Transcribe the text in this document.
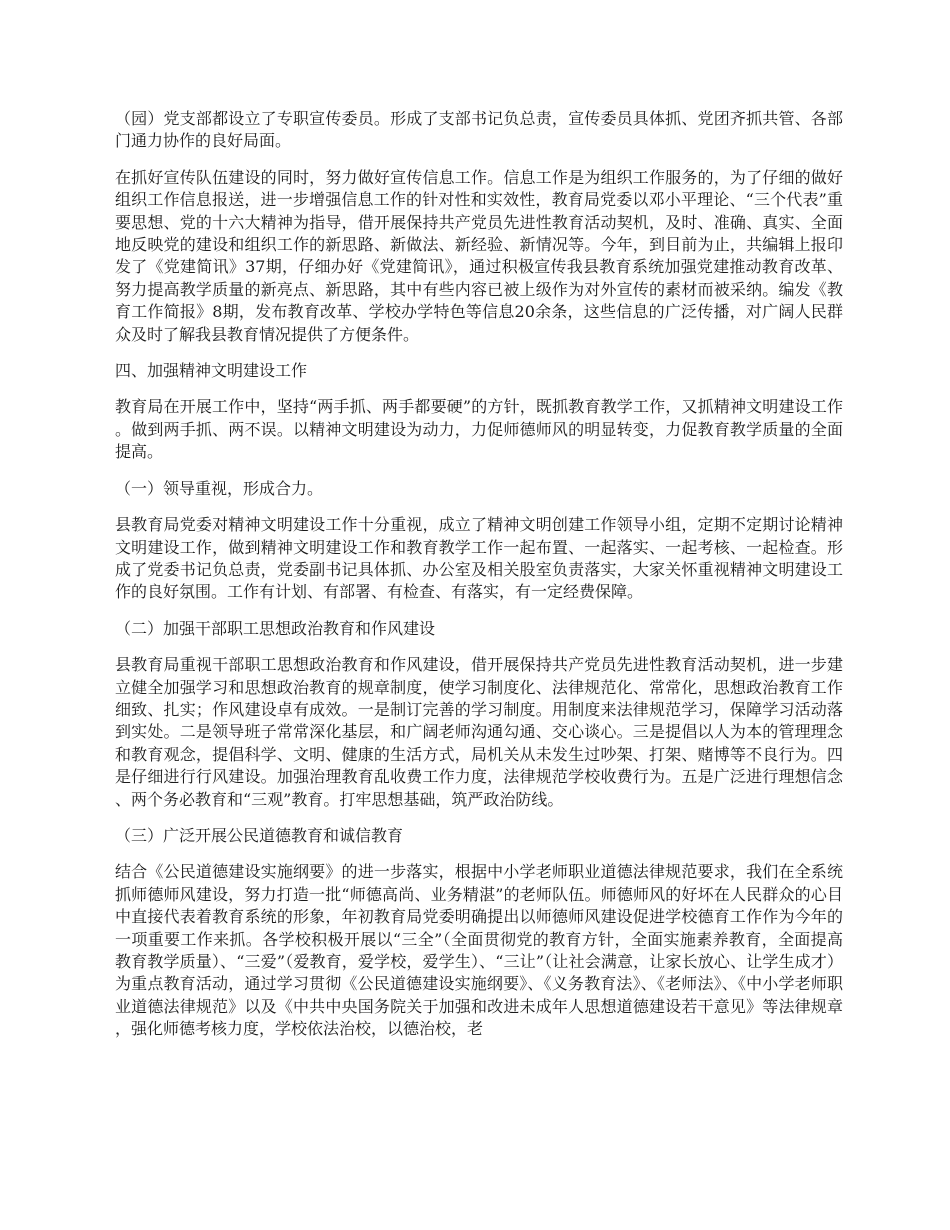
（园）党支部都设立了专职宣传委员。形成了支部书记负总责，宣传委员具体抓、党团齐抓共管、各部门通力协作的良好局面。

在抓好宣传队伍建设的同时，努力做好宣传信息工作。信息工作是为组织工作服务的，为了仔细的做好组织工作信息报送，进一步增强信息工作的针对性和实效性，教育局党委以邓小平理论、“三个代表”重要思想、党的十六大精神为指导，借开展保持共产党员先进性教育活动契机，及时、准确、真实、全面地反映党的建设和组织工作的新思路、新做法、新经验、新情况等。今年，到目前为止，共编辑上报印发了《党建简讯》37期，仔细办好《党建简讯》，通过积极宣传我县教育系统加强党建推动教育改革、努力提高教学质量的新亮点、新思路，其中有些内容已被上级作为对外宣传的素材而被采纳。编发《教育工作简报》8期，发布教育改革、学校办学特色等信息20余条，这些信息的广泛传播，对广阔人民群众及时了解我县教育情况提供了方便条件。

四、加强精神文明建设工作

教育局在开展工作中，坚持“两手抓、两手都要硬”的方针，既抓教育教学工作，又抓精神文明建设工作。做到两手抓、两不误。以精神文明建设为动力，力促师德师风的明显转变，力促教育教学质量的全面提高。

（一）领导重视，形成合力。

县教育局党委对精神文明建设工作十分重视，成立了精神文明创建工作领导小组，定期不定期讨论精神文明建设工作，做到精神文明建设工作和教育教学工作一起布置、一起落实、一起考核、一起检查。形成了党委书记负总责，党委副书记具体抓、办公室及相关股室负责落实，大家关怀重视精神文明建设工作的良好氛围。工作有计划、有部署、有检查、有落实，有一定经费保障。

（二）加强干部职工思想政治教育和作风建设

县教育局重视干部职工思想政治教育和作风建设，借开展保持共产党员先进性教育活动契机，进一步建立健全加强学习和思想政治教育的规章制度，使学习制度化、法律规范化、常常化，思想政治教育工作细致、扎实；作风建设卓有成效。一是制订完善的学习制度。用制度来法律规范学习，保障学习活动落到实处。二是领导班子常常深化基层，和广阔老师沟通勾通、交心谈心。三是提倡以人为本的管理理念和教育观念，提倡科学、文明、健康的生活方式，局机关从未发生过吵架、打架、赌博等不良行为。四是仔细进行行风建设。加强治理教育乱收费工作力度，法律规范学校收费行为。五是广泛进行理想信念、两个务必教育和“三观”教育。打牢思想基础，筑严政治防线。

（三）广泛开展公民道德教育和诚信教育

结合《公民道德建设实施纲要》的进一步落实，根据中小学老师职业道德法律规范要求，我们在全系统抓师德师风建设，努力打造一批“师德高尚、业务精湛”的老师队伍。师德师风的好坏在人民群众的心目中直接代表着教育系统的形象，年初教育局党委明确提出以师德师风建设促进学校德育工作作为今年的一项重要工作来抓。各学校积极开展以“三全”（全面贯彻党的教育方针，全面实施素养教育，全面提高教育教学质量）、“三爱”（爱教育，爱学校，爱学生）、“三让”（让社会满意，让家长放心、让学生成才）为重点教育活动，通过学习贯彻《公民道德建设实施纲要》、《义务教育法》、《老师法》、《中小学老师职业道德法律规范》以及《中共中央国务院关于加强和改进未成年人思想道德建设若干意见》等法律规章，强化师德考核力度，学校依法治校，以德治校，老
